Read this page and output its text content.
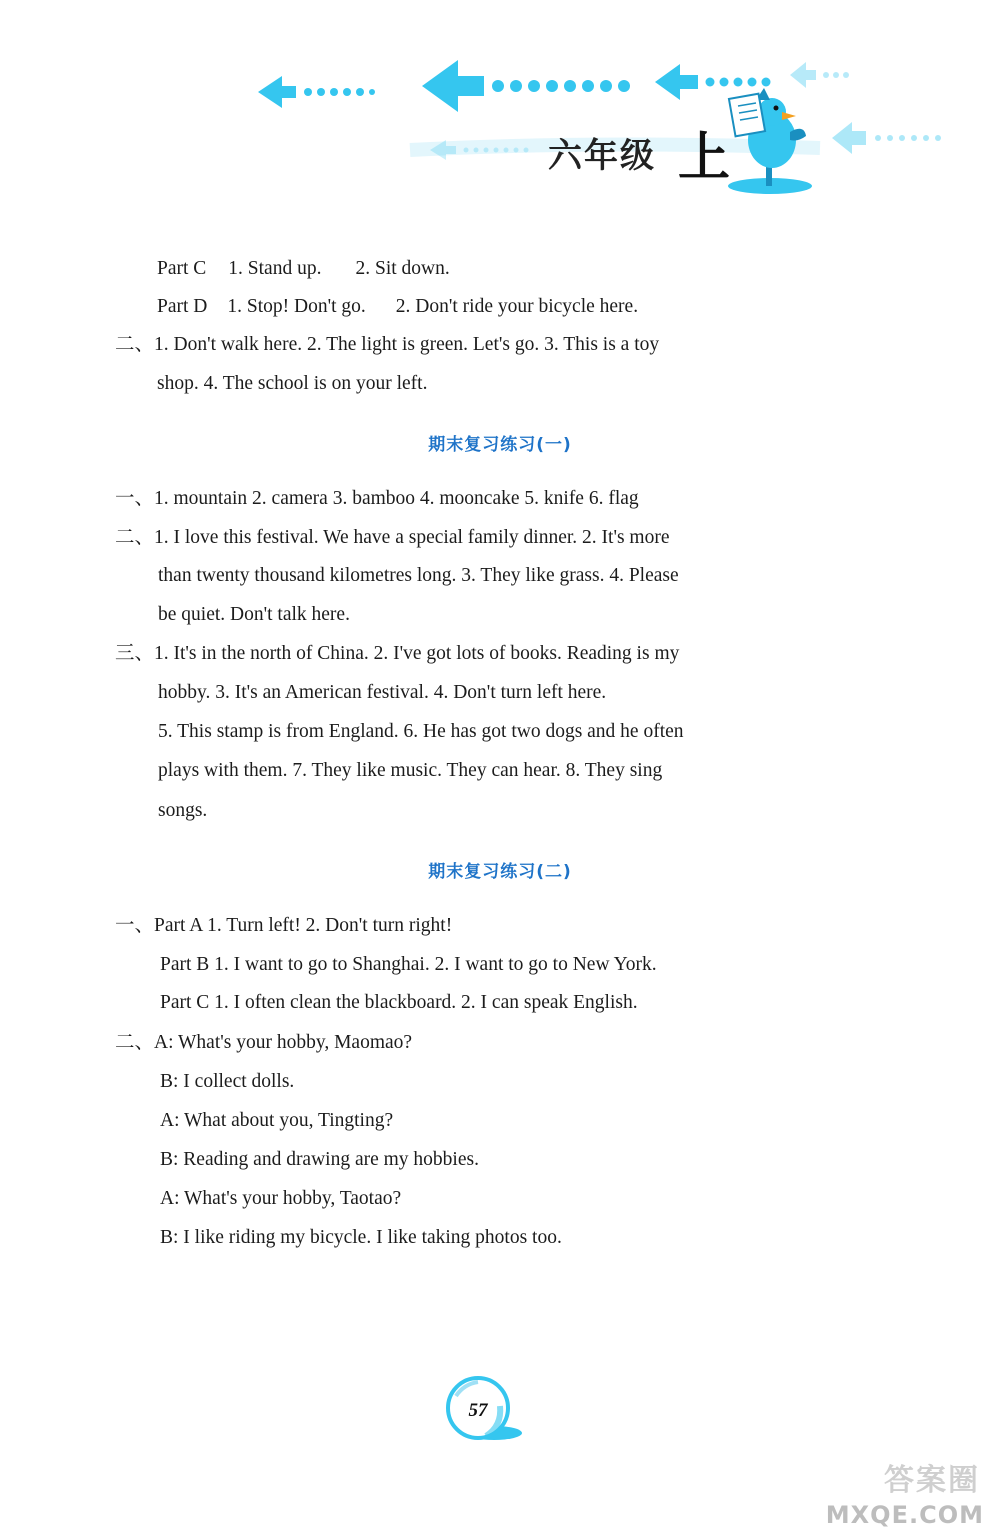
六年级 上
Part C 1. Stand up. 2. Sit down.
Part D 1. Stop! Don't go. 2. Don't ride your bicycle here.
二、1. Don't walk here. 2. The light is green. Let's go. 3. This is a toy
shop. 4. The school is on your left.
期末复习练习(一)
一、1. mountain 2. camera 3. bamboo 4. mooncake 5. knife 6. flag
二、1. I love this festival. We have a special family dinner. 2. It's more
than twenty thousand kilometres long. 3. They like grass. 4. Please
be quiet. Don't talk here.
三、1. It's in the north of China. 2. I've got lots of books. Reading is my
hobby. 3. It's an American festival. 4. Don't turn left here.
5. This stamp is from England. 6. He has got two dogs and he often
plays with them. 7. They like music. They can hear. 8. They sing
songs.
期末复习练习(二)
一、Part A 1. Turn left! 2. Don't turn right!
Part B 1. I want to go to Shanghai. 2. I want to go to New York.
Part C 1. I often clean the blackboard. 2. I can speak English.
二、A: What's your hobby, Maomao?
B: I collect dolls.
A: What about you, Tingting?
B: Reading and drawing are my hobbies.
A: What's your hobby, Taotao?
B: I like riding my bicycle. I like taking photos too.
57
答案圈
MXQE.COM
